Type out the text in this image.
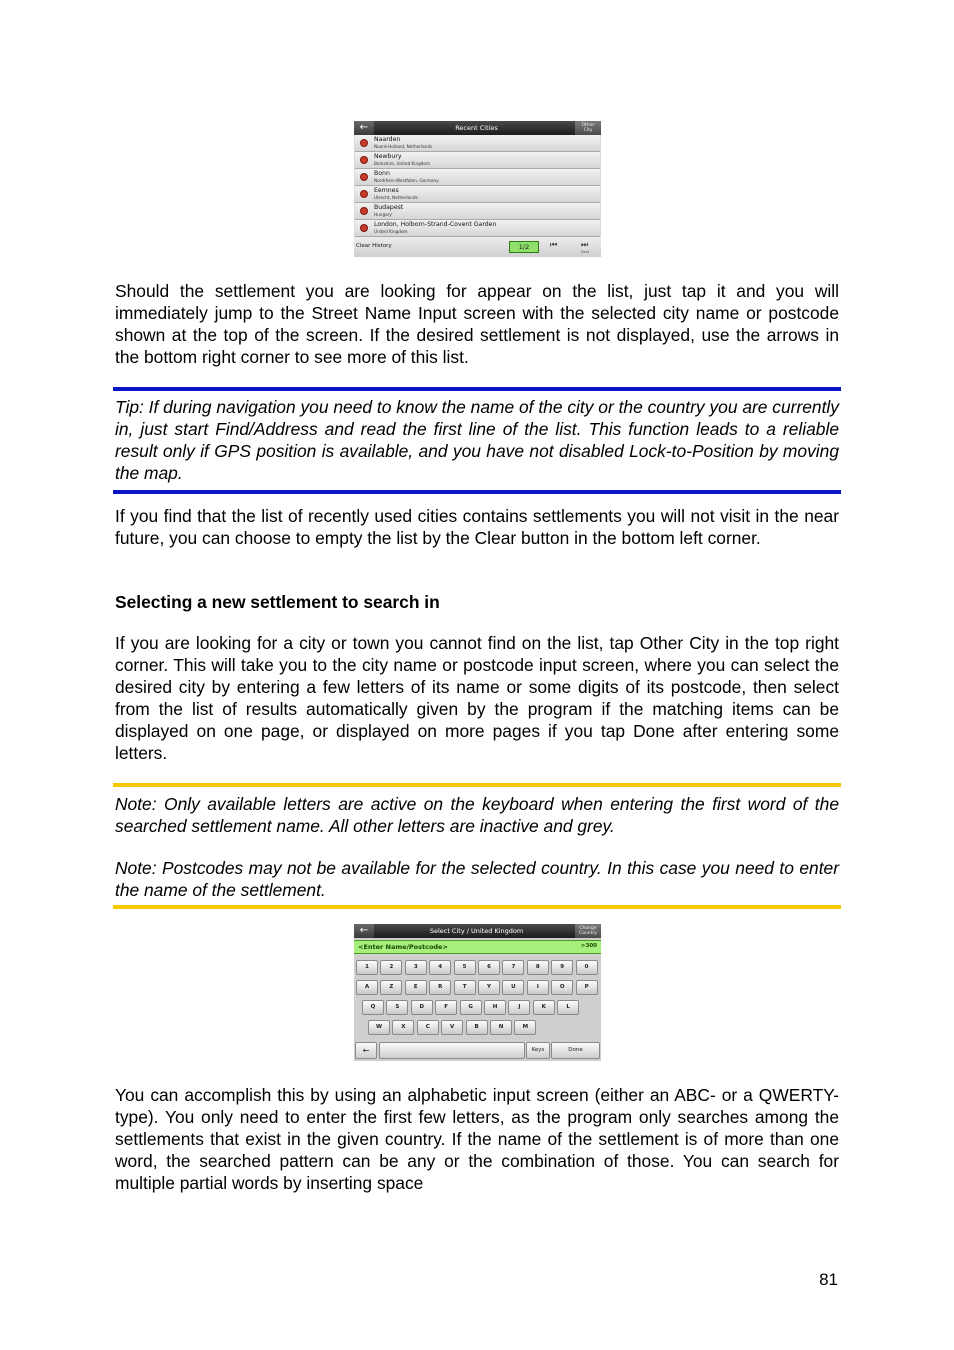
←	Recent Cities	Other
City
Naarden
Noord-Holland, Netherlands
Newbury
Berkshire, United Kingdom
Bonn
Nordrhein-Westfalen, Germany
Eemnes
Utrecht, Netherlands
Budapest
Hungary
London, Holborn-Strand-Covent Garden
United Kingdom
Clear History	1/2	⏮	⏭
Next

Should the settlement you are looking for appear on the list, just tap it and you will immediately jump to the Street Name Input screen with the selected city name or postcode shown at the top of the screen. If the desired settlement is not displayed, use the arrows in the bottom right corner to see more of this list.

Tip: If during navigation you need to know the name of the city or the country you are currently in, just start Find/Address and read the first line of the list. This function leads to a reliable result only if GPS position is available, and you have not disabled Lock-to-Position by moving the map.

If you find that the list of recently used cities contains settlements you will not visit in the near future, you can choose to empty the list by the Clear button in the bottom left corner.

Selecting a new settlement to search in

If you are looking for a city or town you cannot find on the list, tap Other City in the top right corner. This will take you to the city name or postcode input screen, where you can select the desired city by entering a few letters of its name or some digits of its postcode, then select from the list of results automatically given by the program if the matching items can be displayed on one page, or displayed on more pages if you tap Done after entering some letters.

Note: Only available letters are active on the keyboard when entering the first word of the searched settlement name. All other letters are inactive and grey.

Note: Postcodes may not be available for the selected country. In this case you need to enter the name of the settlement.

←	Select City / United Kingdom	Change
Country
<Enter Name/Postcode>	>300
1	2	3	4	5	6	7	8	9	0
A	Z	E	R	T	Y	U	I	O	P
Q	S	D	F	G	H	J	K	L
W	X	C	V	B	N	M
←	Keys	Done

You can accomplish this by using an alphabetic input screen (either an ABC- or a QWERTY-type). You only need to enter the first few letters, as the program only searches among the settlements that exist in the given country. If the name of the settlement is of more than one word, the searched pattern can be any or the combination of those. You can search for multiple partial words by inserting space

81
